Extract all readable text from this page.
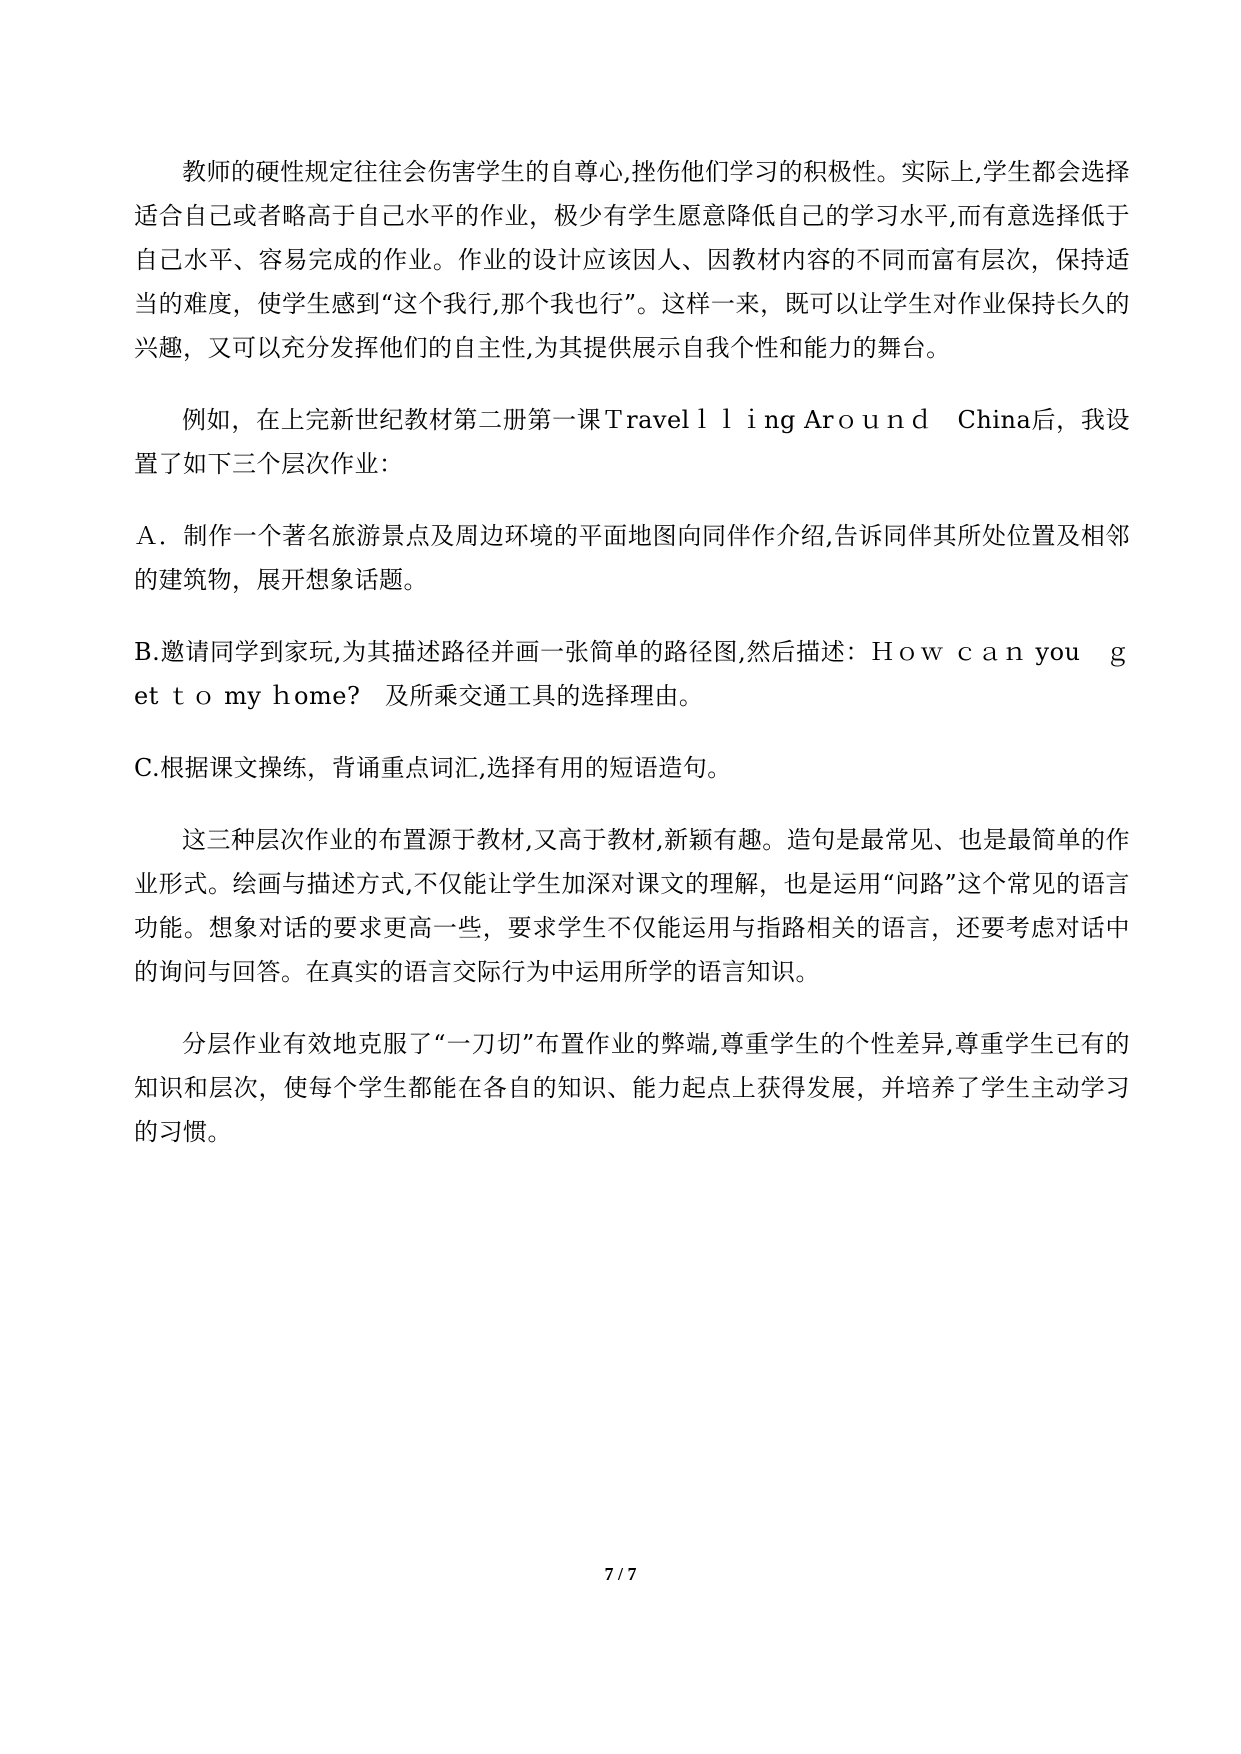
教师的硬性规定往往会伤害学生的自尊心,挫伤他们学习的积极性。实际上,学生都会选择适合自己或者略高于自己水平的作业，极少有学生愿意降低自己的学习水平,而有意选择低于自己水平、容易完成的作业。作业的设计应该因人、因教材内容的不同而富有层次，保持适当的难度，使学生感到“这个我行,那个我也行”。这样一来，既可以让学生对作业保持长久的兴趣，又可以充分发挥他们的自主性,为其提供展示自我个性和能力的舞台。

例如，在上完新世纪教材第二册第一课Ｔravelｌｌｉng Arｏｕｎｄ　China后，我设置了如下三个层次作业：

Ａ．制作一个著名旅游景点及周边环境的平面地图向同伴作介绍,告诉同伴其所处位置及相邻的建筑物，展开想象话题。

B.邀请同学到家玩,为其描述路径并画一张简单的路径图,然后描述：Ｈｏｗ ｃａｎ you　ｇet ｔｏ my ｈome?　及所乘交通工具的选择理由。

C.根据课文操练，背诵重点词汇,选择有用的短语造句。

这三种层次作业的布置源于教材,又高于教材,新颖有趣。造句是最常见、也是最简单的作业形式。绘画与描述方式,不仅能让学生加深对课文的理解，也是运用“问路”这个常见的语言功能。想象对话的要求更高一些，要求学生不仅能运用与指路相关的语言，还要考虑对话中的询问与回答。在真实的语言交际行为中运用所学的语言知识。

分层作业有效地克服了“一刀切”布置作业的弊端,尊重学生的个性差异,尊重学生已有的知识和层次，使每个学生都能在各自的知识、能力起点上获得发展，并培养了学生主动学习的习惯。

7 / 7
